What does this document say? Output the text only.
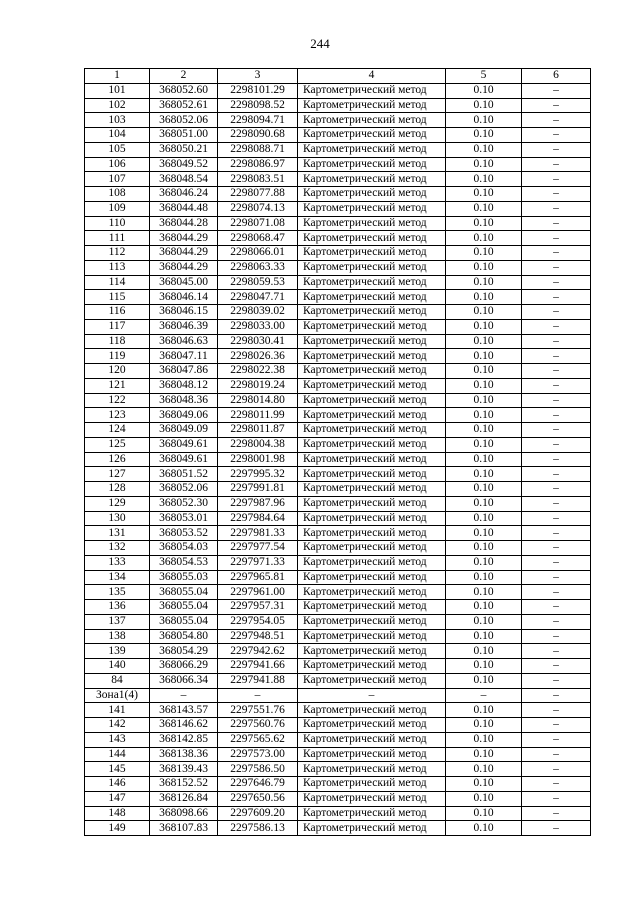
244
1	2	3	4	5	6
101	368052.60	2298101.29	Картометрический метод	0.10	–
102	368052.61	2298098.52	Картометрический метод	0.10	–
103	368052.06	2298094.71	Картометрический метод	0.10	–
104	368051.00	2298090.68	Картометрический метод	0.10	–
105	368050.21	2298088.71	Картометрический метод	0.10	–
106	368049.52	2298086.97	Картометрический метод	0.10	–
107	368048.54	2298083.51	Картометрический метод	0.10	–
108	368046.24	2298077.88	Картометрический метод	0.10	–
109	368044.48	2298074.13	Картометрический метод	0.10	–
110	368044.28	2298071.08	Картометрический метод	0.10	–
111	368044.29	2298068.47	Картометрический метод	0.10	–
112	368044.29	2298066.01	Картометрический метод	0.10	–
113	368044.29	2298063.33	Картометрический метод	0.10	–
114	368045.00	2298059.53	Картометрический метод	0.10	–
115	368046.14	2298047.71	Картометрический метод	0.10	–
116	368046.15	2298039.02	Картометрический метод	0.10	–
117	368046.39	2298033.00	Картометрический метод	0.10	–
118	368046.63	2298030.41	Картометрический метод	0.10	–
119	368047.11	2298026.36	Картометрический метод	0.10	–
120	368047.86	2298022.38	Картометрический метод	0.10	–
121	368048.12	2298019.24	Картометрический метод	0.10	–
122	368048.36	2298014.80	Картометрический метод	0.10	–
123	368049.06	2298011.99	Картометрический метод	0.10	–
124	368049.09	2298011.87	Картометрический метод	0.10	–
125	368049.61	2298004.38	Картометрический метод	0.10	–
126	368049.61	2298001.98	Картометрический метод	0.10	–
127	368051.52	2297995.32	Картометрический метод	0.10	–
128	368052.06	2297991.81	Картометрический метод	0.10	–
129	368052.30	2297987.96	Картометрический метод	0.10	–
130	368053.01	2297984.64	Картометрический метод	0.10	–
131	368053.52	2297981.33	Картометрический метод	0.10	–
132	368054.03	2297977.54	Картометрический метод	0.10	–
133	368054.53	2297971.33	Картометрический метод	0.10	–
134	368055.03	2297965.81	Картометрический метод	0.10	–
135	368055.04	2297961.00	Картометрический метод	0.10	–
136	368055.04	2297957.31	Картометрический метод	0.10	–
137	368055.04	2297954.05	Картометрический метод	0.10	–
138	368054.80	2297948.51	Картометрический метод	0.10	–
139	368054.29	2297942.62	Картометрический метод	0.10	–
140	368066.29	2297941.66	Картометрический метод	0.10	–
84	368066.34	2297941.88	Картометрический метод	0.10	–
Зона1(4)	–	–	–	–	–
141	368143.57	2297551.76	Картометрический метод	0.10	–
142	368146.62	2297560.76	Картометрический метод	0.10	–
143	368142.85	2297565.62	Картометрический метод	0.10	–
144	368138.36	2297573.00	Картометрический метод	0.10	–
145	368139.43	2297586.50	Картометрический метод	0.10	–
146	368152.52	2297646.79	Картометрический метод	0.10	–
147	368126.84	2297650.56	Картометрический метод	0.10	–
148	368098.66	2297609.20	Картометрический метод	0.10	–
149	368107.83	2297586.13	Картометрический метод	0.10	–
